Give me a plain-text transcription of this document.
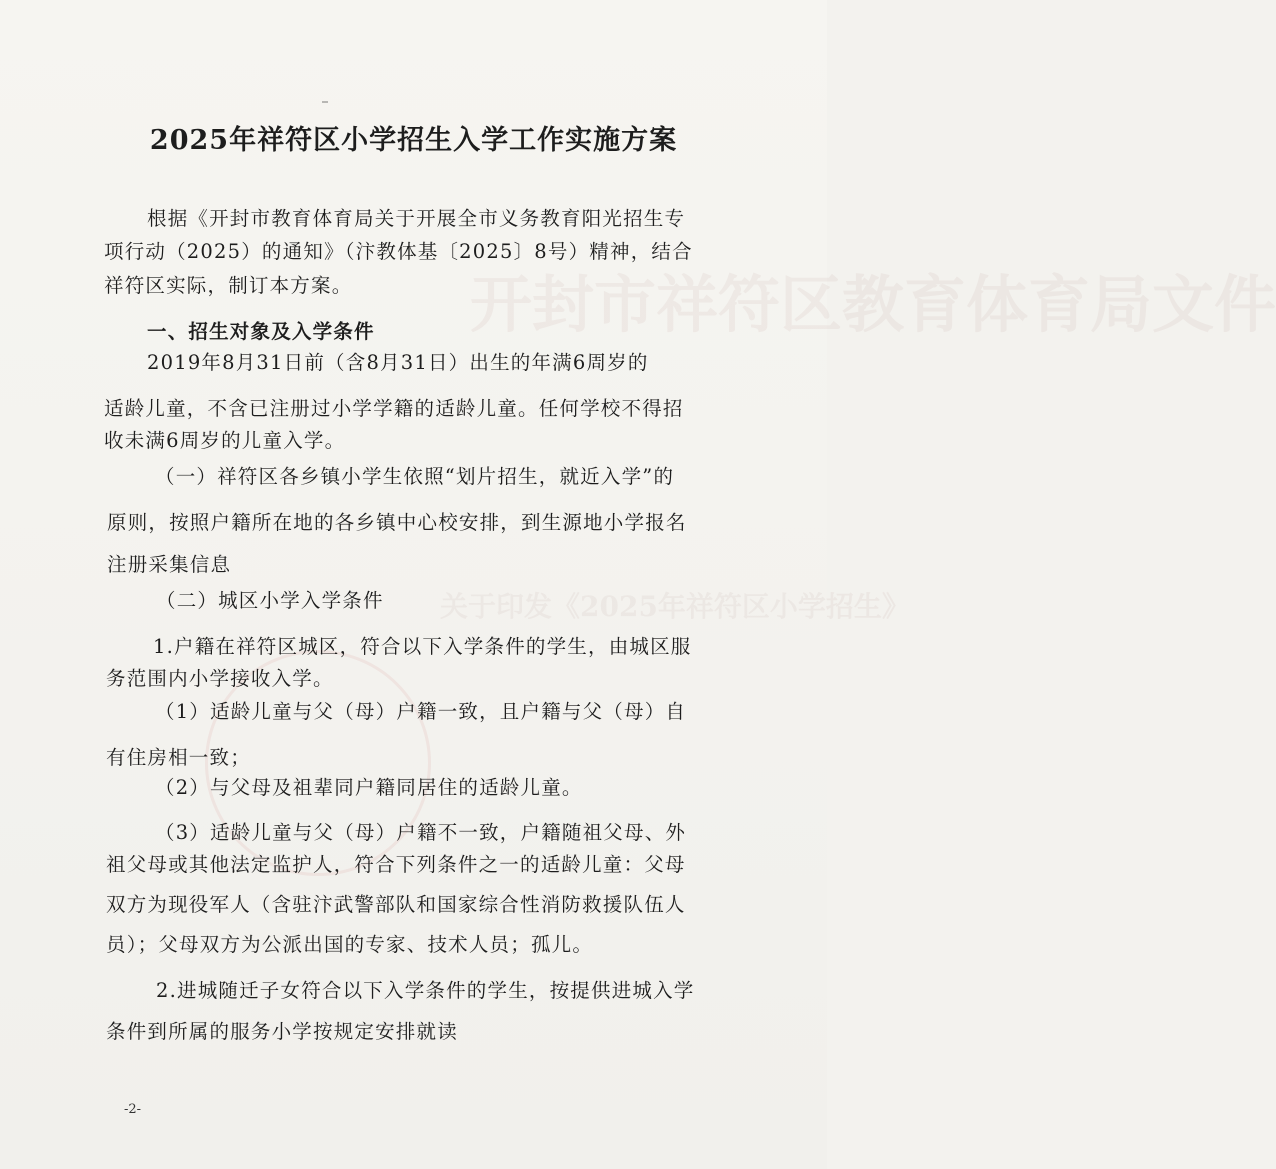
开封市祥符区教育体育局文件
关于印发《2025年祥符区小学招生》
2025年祥符区小学招生入学工作实施方案
根据《开封市教育体育局关于开展全市义务教育阳光招生专
项行动（2025）的通知》（汴教体基〔2025〕8号）精神，结合
祥符区实际，制订本方案。
一、招生对象及入学条件
2019年8月31日前（含8月31日）出生的年满6周岁的
适龄儿童，不含已注册过小学学籍的适龄儿童。任何学校不得招
收未满6周岁的儿童入学。
（一）祥符区各乡镇小学生依照“划片招生，就近入学”的
原则，按照户籍所在地的各乡镇中心校安排，到生源地小学报名
注册采集信息
（二）城区小学入学条件
1.户籍在祥符区城区，符合以下入学条件的学生，由城区服
务范围内小学接收入学。
（1）适龄儿童与父（母）户籍一致，且户籍与父（母）自
有住房相一致；
（2）与父母及祖辈同户籍同居住的适龄儿童。
（3）适龄儿童与父（母）户籍不一致，户籍随祖父母、外
祖父母或其他法定监护人，符合下列条件之一的适龄儿童：父母
双方为现役军人（含驻汴武警部队和国家综合性消防救援队伍人
员）；父母双方为公派出国的专家、技术人员；孤儿。
2.进城随迁子女符合以下入学条件的学生，按提供进城入学
条件到所属的服务小学按规定安排就读
-2-
